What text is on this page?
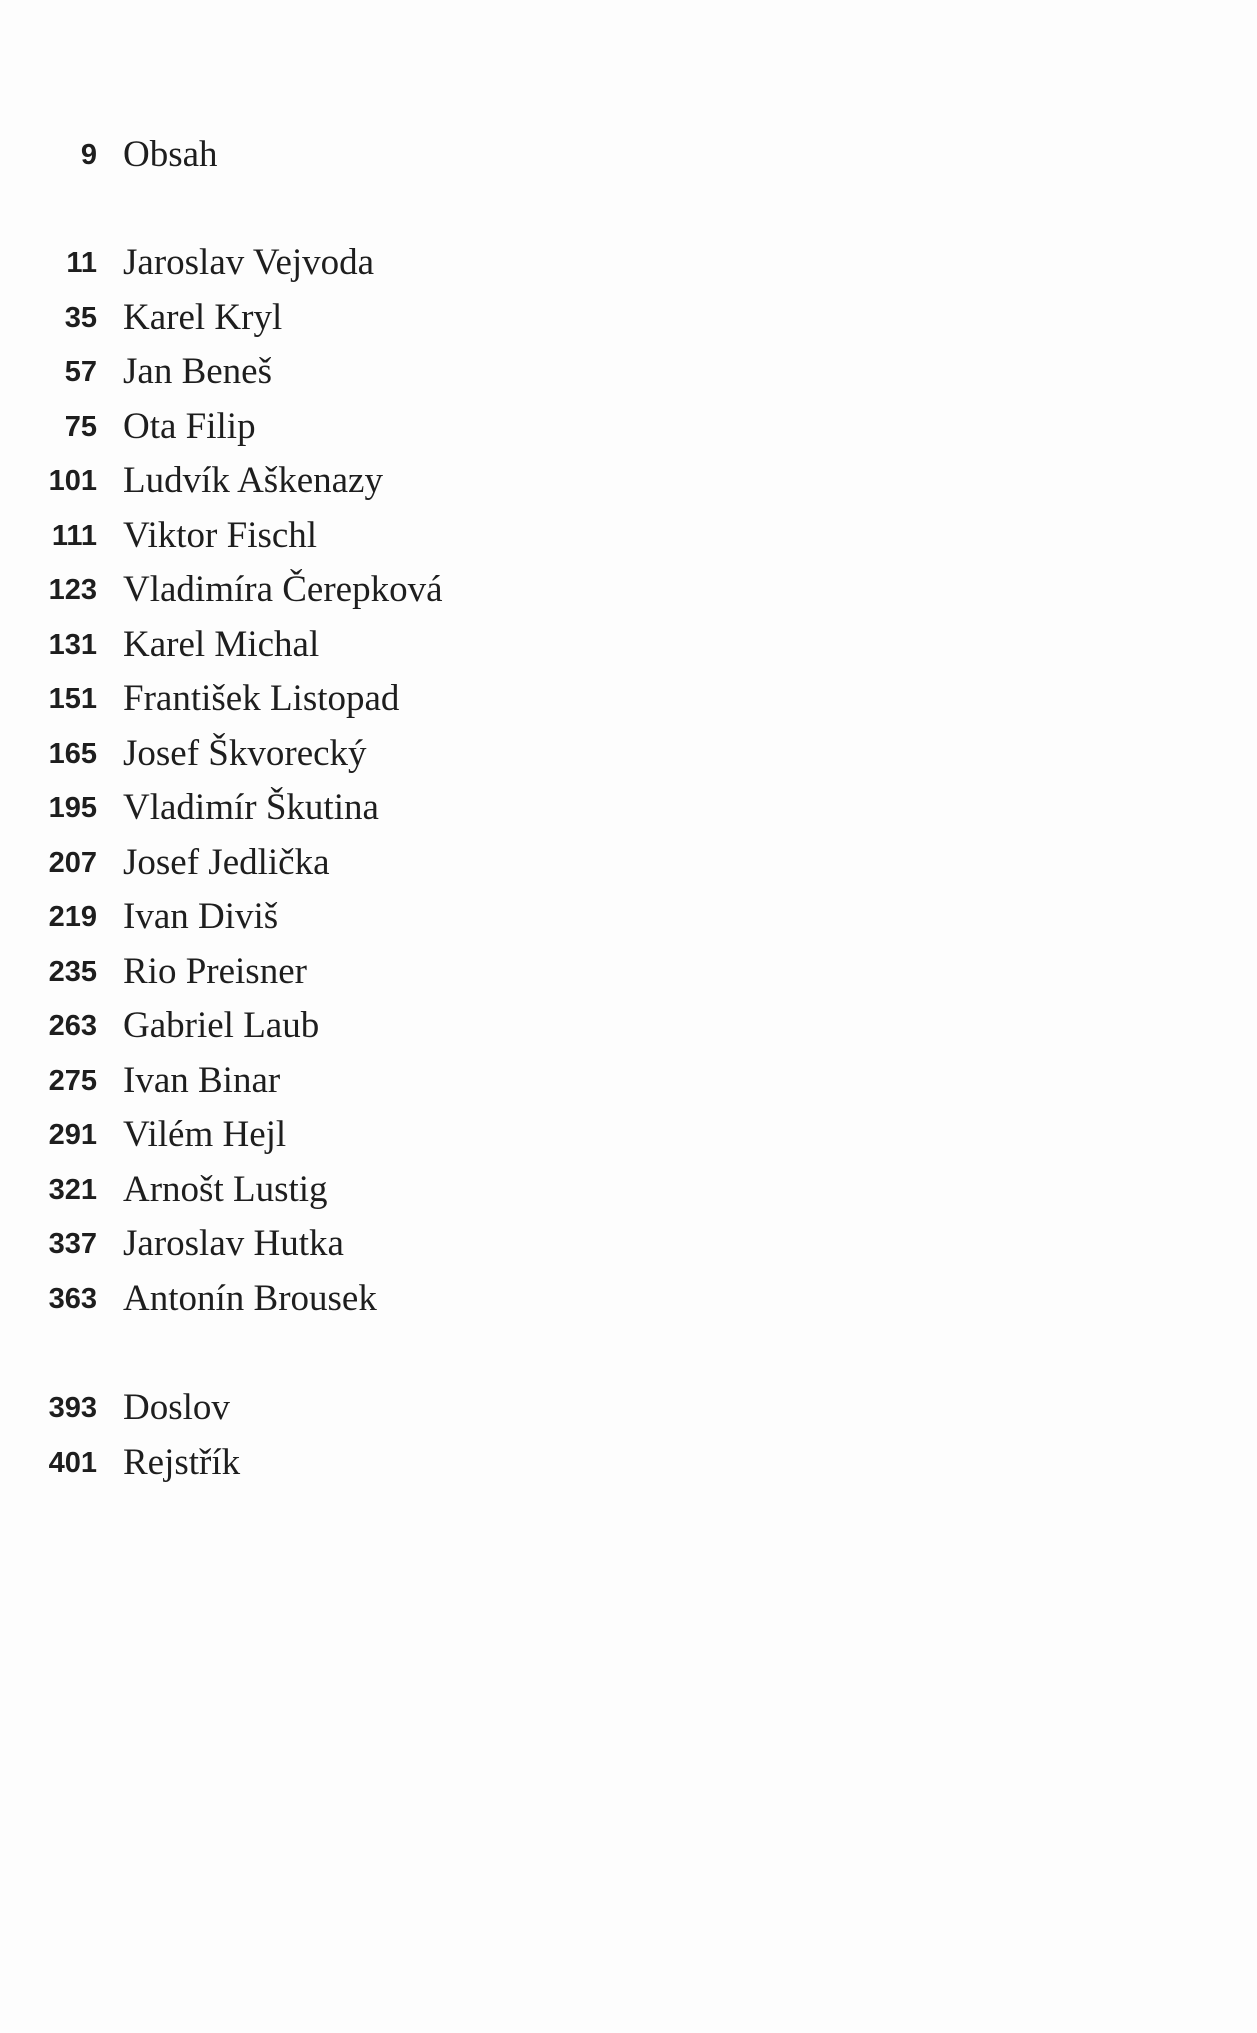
9 Obsah
11 Jaroslav Vejvoda
35 Karel Kryl
57 Jan Beneš
75 Ota Filip
101 Ludvík Aškenazy
111 Viktor Fischl
123 Vladimíra Čerepková
131 Karel Michal
151 František Listopad
165 Josef Škvorecký
195 Vladimír Škutina
207 Josef Jedlička
219 Ivan Diviš
235 Rio Preisner
263 Gabriel Laub
275 Ivan Binar
291 Vilém Hejl
321 Arnošt Lustig
337 Jaroslav Hutka
363 Antonín Brousek
393 Doslov
401 Rejstřík
